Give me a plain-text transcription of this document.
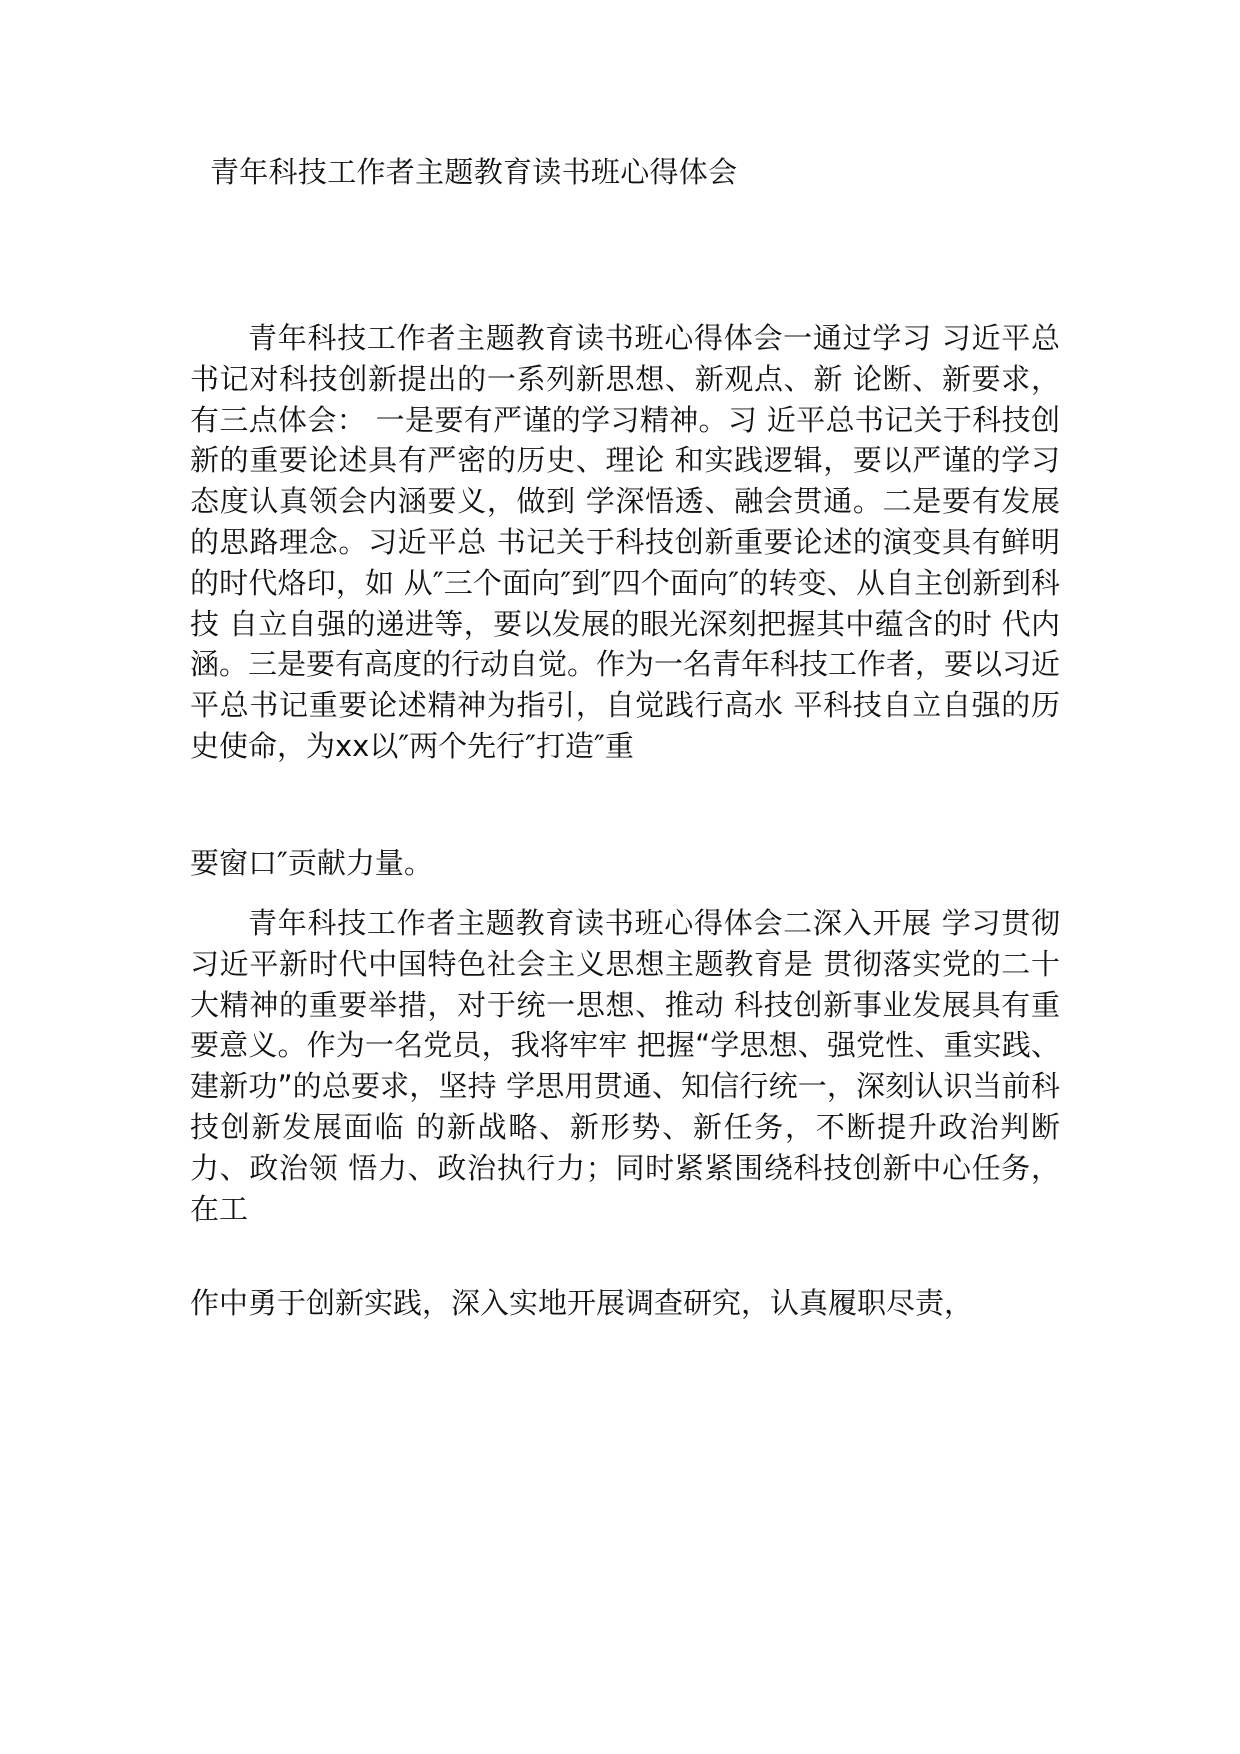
青年科技工作者主题教育读书班心得体会

青年科技工作者主题教育读书班心得体会一通过学习 习近平总书记对科技创新提出的一系列新思想、新观点、新 论断、新要求，有三点体会： 一是要有严谨的学习精神。习 近平总书记关于科技创新的重要论述具有严密的历史、理论 和实践逻辑，要以严谨的学习态度认真领会内涵要义，做到 学深悟透、融会贯通。二是要有发展的思路理念。习近平总 书记关于科技创新重要论述的演变具有鲜明的时代烙印，如 从″三个面向″到″四个面向″的转变、从自主创新到科技 自立自强的递进等，要以发展的眼光深刻把握其中蕴含的时 代内涵。三是要有高度的行动自觉。作为一名青年科技工作者，要以习近平总书记重要论述精神为指引，自觉践行高水 平科技自立自强的历史使命，为xx以″两个先行″打造″重

要窗口″贡献力量。

青年科技工作者主题教育读书班心得体会二深入开展 学习贯彻习近平新时代中国特色社会主义思想主题教育是 贯彻落实党的二十大精神的重要举措，对于统一思想、推动 科技创新事业发展具有重要意义。作为一名党员，我将牢牢 把握“学思想、强党性、重实践、建新功”的总要求，坚持 学思用贯通、知信行统一，深刻认识当前科技创新发展面临 的新战略、新形势、新任务，不断提升政治判断力、政治领 悟力、政治执行力；同时紧紧围绕科技创新中心任务，在工

作中勇于创新实践，深入实地开展调查研究，认真履职尽责，
